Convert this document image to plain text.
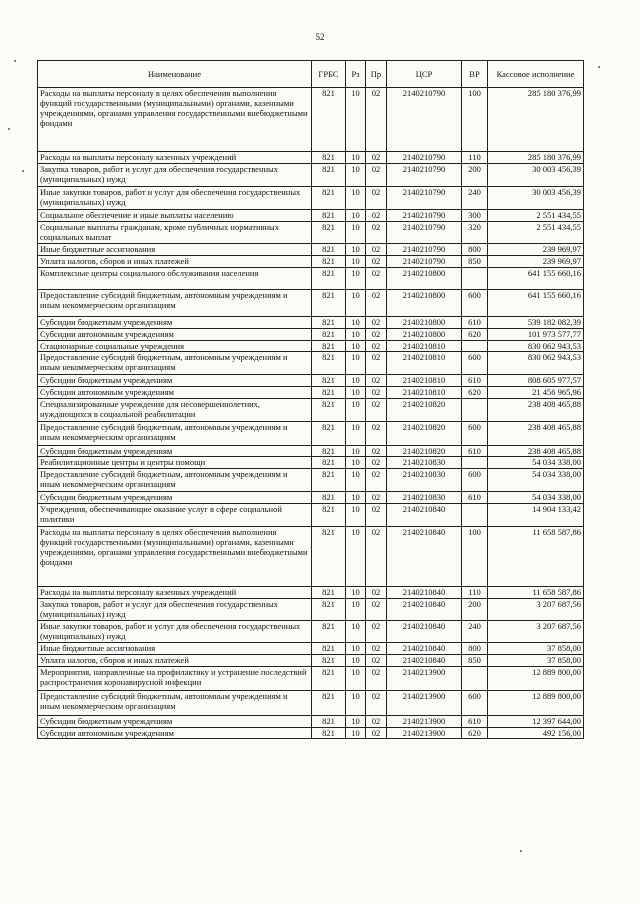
52
Наименование	ГРБС	Рз	Пр	ЦСР	ВР	Кассовое исполнение
Расходы на выплаты персоналу в целях обеспечения выполнения функций государственными (муниципальными) органами, казенными учреждениями, органами управления государственными внебюджетными фондами	821	10	02	2140210790	100	285 180 376,99
Расходы на выплаты персоналу казенных учреждений	821	10	02	2140210790	110	285 180 376,99
Закупка товаров, работ и услуг для обеспечения государственных (муниципальных) нужд	821	10	02	2140210790	200	30 003 456,39
Иные закупки товаров, работ и услуг для обеспечения государственных (муниципальных) нужд	821	10	02	2140210790	240	30 003 456,39
Социальное обеспечение и иные выплаты населению	821	10	02	2140210790	300	2 551 434,55
Социальные выплаты гражданам, кроме публичных нормативных социальных выплат	821	10	02	2140210790	320	2 551 434,55
Иные бюджетные ассигнования	821	10	02	2140210790	800	239 969,97
Уплата налогов, сборов и иных платежей	821	10	02	2140210790	850	239 969,97
Комплексные центры социального обслуживания населения	821	10	02	2140210800		641 155 660,16
Предоставление субсидий бюджетным, автономным учреждениям и иным некоммерческим организациям	821	10	02	2140210800	600	641 155 660,16
Субсидии бюджетным учреждениям	821	10	02	2140210800	610	539 182 082,39
Субсидии автономным учреждениям	821	10	02	2140210800	620	101 973 577,77
Стационарные социальные учреждения	821	10	02	2140210810		830 062 943,53
Предоставление субсидий бюджетным, автономным учреждениям и иным некоммерческим организациям	821	10	02	2140210810	600	830 062 943,53
Субсидии бюджетным учреждениям	821	10	02	2140210810	610	808 605 977,57
Субсидии автономным учреждениям	821	10	02	2140210810	620	21 456 965,96
Специализированные учреждения для несовершеннолетних, нуждающихся в социальной реабилитации	821	10	02	2140210820		238 408 465,88
Предоставление субсидий бюджетным, автономным учреждениям и иным некоммерческим организациям	821	10	02	2140210820	600	238 408 465,88
Субсидии бюджетным учреждениям	821	10	02	2140210820	610	238 408 465,88
Реабилитационные центры и центры помощи	821	10	02	2140210830		54 034 338,00
Предоставление субсидий бюджетным, автономным учреждениям и иным некоммерческим организациям	821	10	02	2140210830	600	54 034 338,00
Субсидии бюджетным учреждениям	821	10	02	2140210830	610	54 034 338,00
Учреждения, обеспечивающие оказание услуг в сфере социальной политики	821	10	02	2140210840		14 904 133,42
Расходы на выплаты персоналу в целях обеспечения выполнения функций государственными (муниципальными) органами, казенными учреждениями, органами управления государственными внебюджетными фондами	821	10	02	2140210840	100	11 658 587,86
Расходы на выплаты персоналу казенных учреждений	821	10	02	2140210840	110	11 658 587,86
Закупка товаров, работ и услуг для обеспечения государственных (муниципальных) нужд	821	10	02	2140210840	200	3 207 687,56
Иные закупки товаров, работ и услуг для обеспечения государственных (муниципальных) нужд	821	10	02	2140210840	240	3 207 687,56
Иные бюджетные ассигнования	821	10	02	2140210840	800	37 858,00
Уплата налогов, сборов и иных платежей	821	10	02	2140210840	850	37 858,00
Мероприятия, направленные на профилактику и устранение последствий распространения коронавирусной инфекции	821	10	02	2140213900		12 889 800,00
Предоставление субсидий бюджетным, автономным учреждениям и иным некоммерческим организациям	821	10	02	2140213900	600	12 889 800,00
Субсидии бюджетным учреждениям	821	10	02	2140213900	610	12 397 644,00
Субсидии автономным учреждениям	821	10	02	2140213900	620	492 156,00
